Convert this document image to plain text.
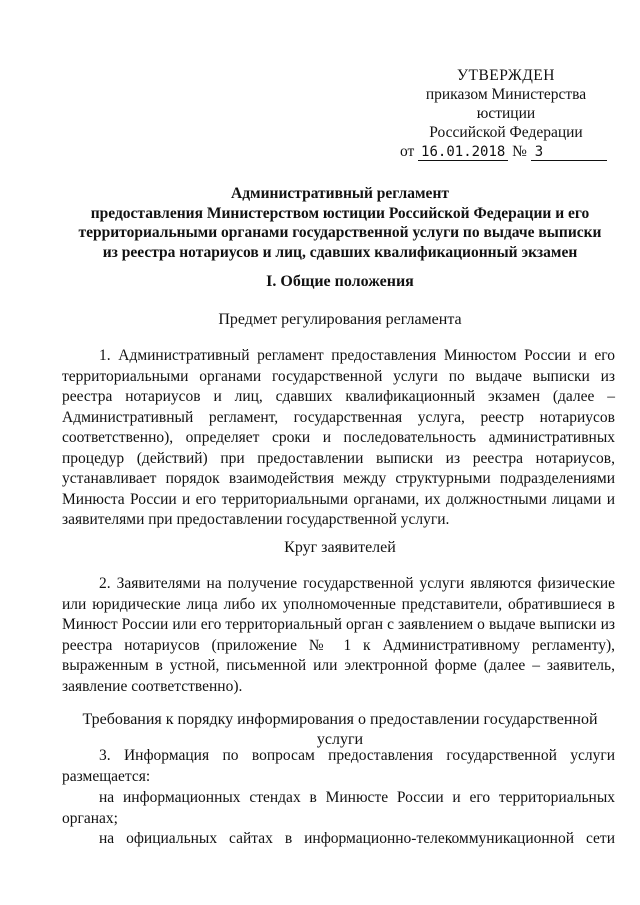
УТВЕРЖДЕН
приказом Министерства юстиции
Российской Федерации
от 16.01.2018 № 3
Административный регламент
предоставления Министерством юстиции Российской Федерации и его
территориальными органами государственной услуги по выдаче выписки
из реестра нотариусов и лиц, сдавших квалификационный экзамен
I. Общие положения
Предмет регулирования регламента
1. Административный регламент предоставления Минюстом России и его территориальными органами государственной услуги по выдаче выписки из реестра нотариусов и лиц, сдавших квалификационный экзамен (далее – Административный регламент, государственная услуга, реестр нотариусов соответственно), определяет сроки и последовательность административных процедур (действий) при предоставлении выписки из реестра нотариусов, устанавливает порядок взаимодействия между структурными подразделениями Минюста России и его территориальными органами, их должностными лицами и заявителями при предоставлении государственной услуги.
Круг заявителей
2. Заявителями на получение государственной услуги являются физические или юридические лица либо их уполномоченные представители, обратившиеся в Минюст России или его территориальный орган с заявлением о выдаче выписки из реестра нотариусов (приложение № 1 к Административному регламенту), выраженным в устной, письменной или электронной форме (далее – заявитель, заявление соответственно).
Требования к порядку информирования о предоставлении государственной услуги
3. Информация по вопросам предоставления государственной услуги размещается:
на информационных стендах в Минюсте России и его территориальных органах;
на официальных сайтах в информационно-телекоммуникационной сети
